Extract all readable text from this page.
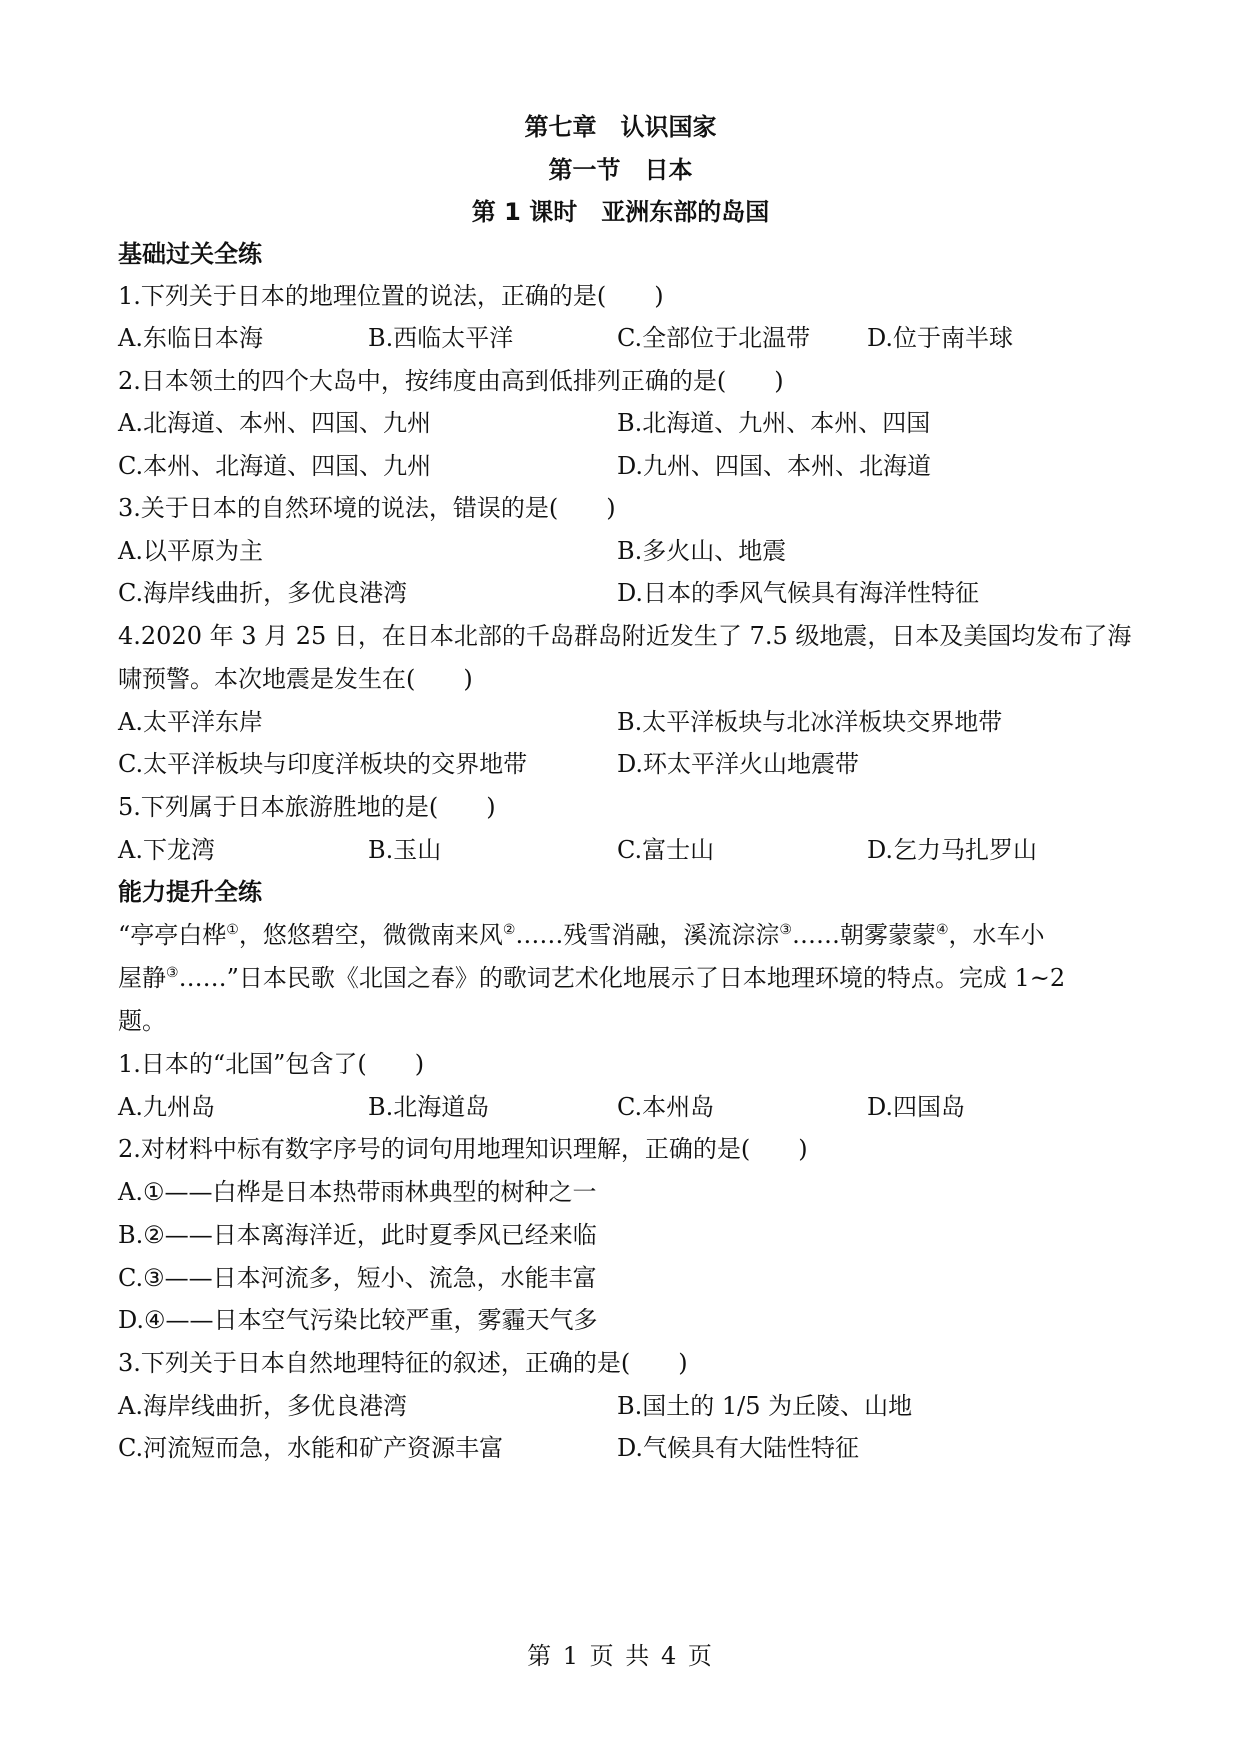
第七章　认识国家
第一节　日本
第 1 课时　亚洲东部的岛国
基础过关全练
1.下列关于日本的地理位置的说法，正确的是(　　)
A.东临日本海	B.西临太平洋	C.全部位于北温带 D.位于南半球
2.日本领土的四个大岛中，按纬度由高到低排列正确的是(　　)
A.北海道、本州、四国、九州	B.北海道、九州、本州、四国
C.本州、北海道、四国、九州	D.九州、四国、本州、北海道
3.关于日本的自然环境的说法，错误的是(　　)
A.以平原为主	B.多火山、地震
C.海岸线曲折，多优良港湾	D.日本的季风气候具有海洋性特征
4.2020 年 3 月 25 日，在日本北部的千岛群岛附近发生了 7.5 级地震，日本及美国均发布了海
啸预警。本次地震是发生在(　　)
A.太平洋东岸	B.太平洋板块与北冰洋板块交界地带
C.太平洋板块与印度洋板块的交界地带	D.环太平洋火山地震带
5.下列属于日本旅游胜地的是(　　)
A.下龙湾	B.玉山	C.富士山	D.乞力马扎罗山
能力提升全练
“亭亭白桦①，悠悠碧空，微微南来风②……残雪消融，溪流淙淙③……朝雾蒙蒙④，水车小
屋静③……”日本民歌《北国之春》的歌词艺术化地展示了日本地理环境的特点。完成 1~2
题。
1.日本的“北国”包含了(　　)
A.九州岛	B.北海道岛	C.本州岛	D.四国岛
2.对材料中标有数字序号的词句用地理知识理解，正确的是(　　)
A.①——白桦是日本热带雨林典型的树种之一
B.②——日本离海洋近，此时夏季风已经来临
C.③——日本河流多，短小、流急，水能丰富
D.④——日本空气污染比较严重，雾霾天气多
3.下列关于日本自然地理特征的叙述，正确的是(　　)
A.海岸线曲折，多优良港湾	B.国土的 1/5 为丘陵、山地
C.河流短而急，水能和矿产资源丰富	D.气候具有大陆性特征
第 1 页 共 4 页
